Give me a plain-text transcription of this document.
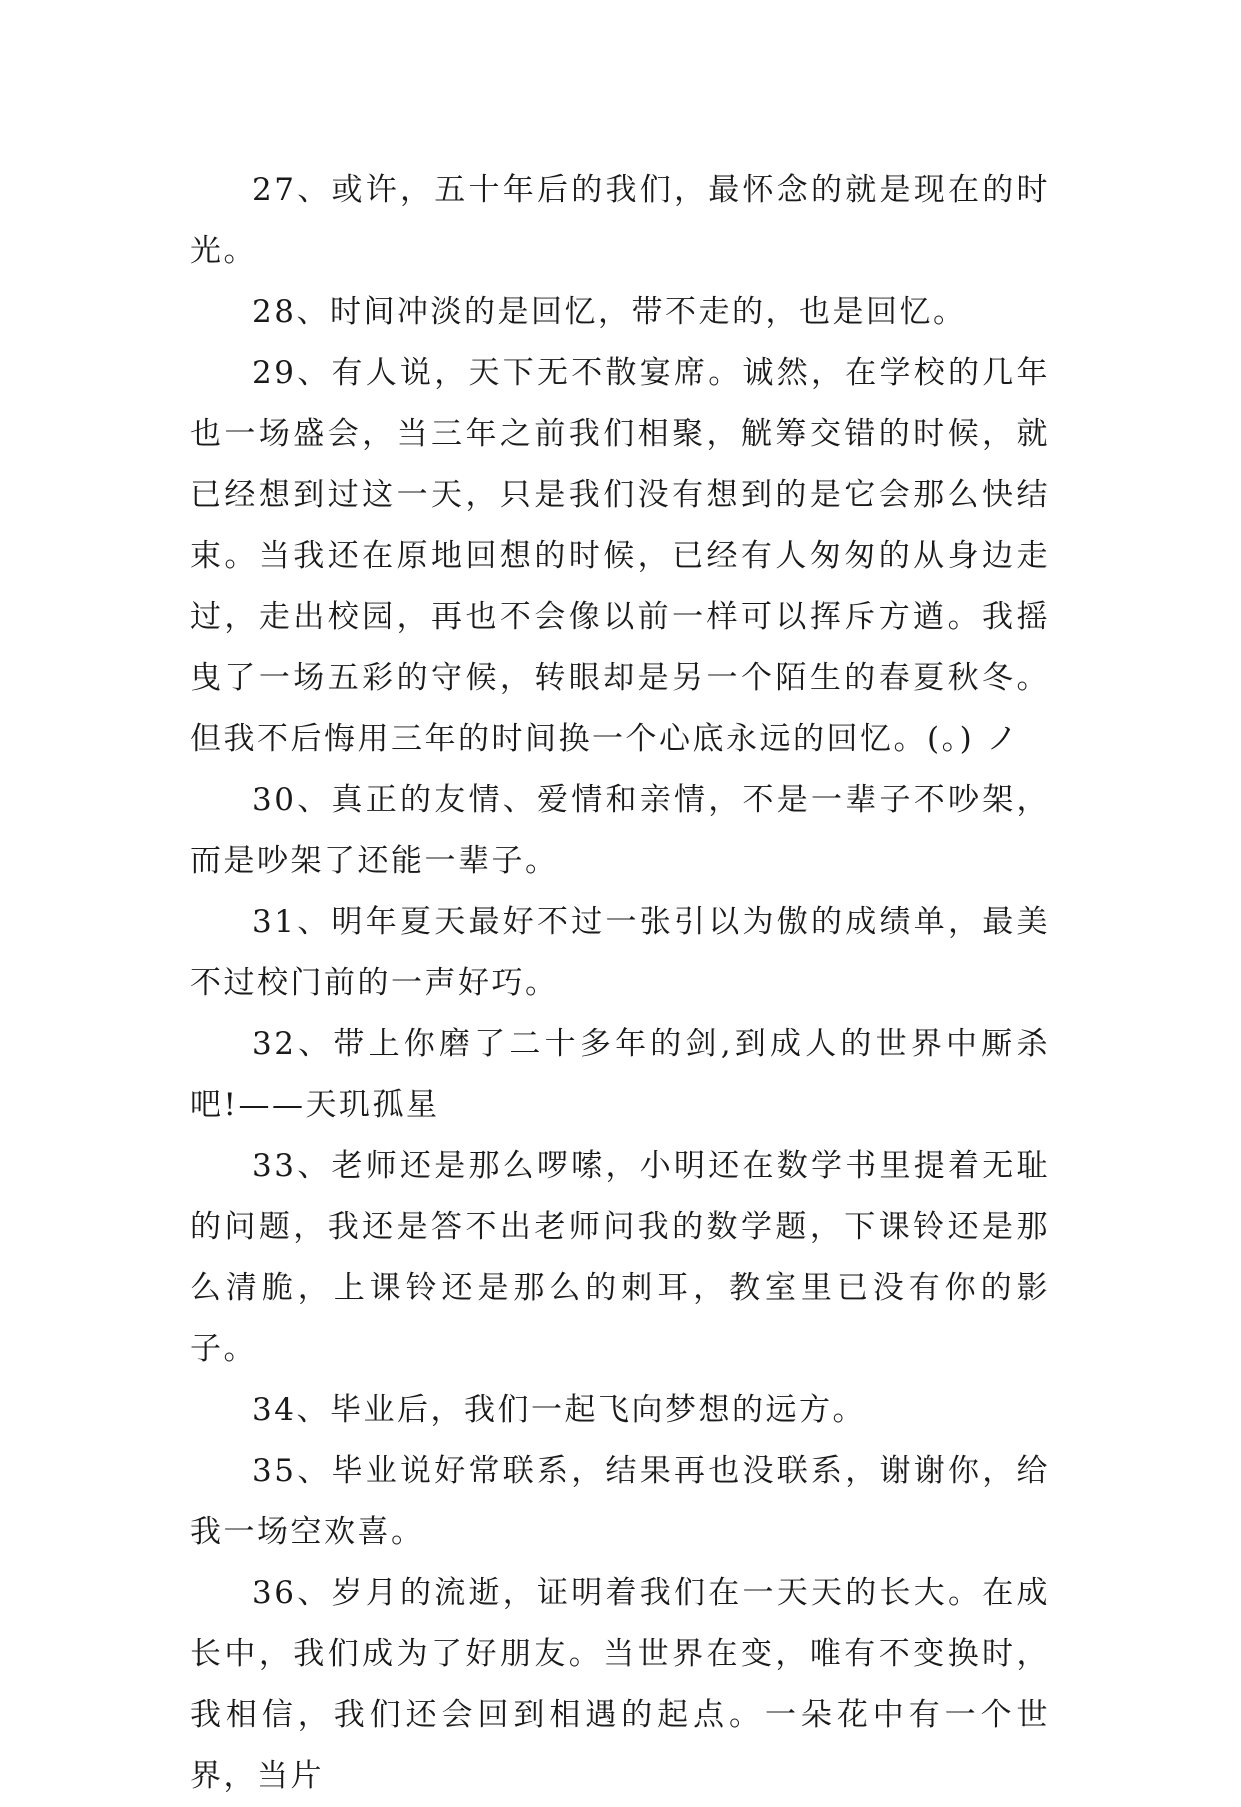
27、或许，五十年后的我们，最怀念的就是现在的时光。

28、时间冲淡的是回忆，带不走的，也是回忆。

29、有人说，天下无不散宴席。诚然，在学校的几年也一场盛会，当三年之前我们相聚，觥筹交错的时候，就已经想到过这一天，只是我们没有想到的是它会那么快结束。当我还在原地回想的时候，已经有人匆匆的从身边走过，走出校园，再也不会像以前一样可以挥斥方遒。我摇曳了一场五彩的守候，转眼却是另一个陌生的春夏秋冬。但我不后悔用三年的时间换一个心底永远的回忆。(。) ノ

30、真正的友情、爱情和亲情，不是一辈子不吵架，而是吵架了还能一辈子。

31、明年夏天最好不过一张引以为傲的成绩单，最美不过校门前的一声好巧。

32、带上你磨了二十多年的剑,到成人的世界中厮杀吧!——天玑孤星

33、老师还是那么啰嗦，小明还在数学书里提着无耻的问题，我还是答不出老师问我的数学题，下课铃还是那么清脆，上课铃还是那么的刺耳，教室里已没有你的影子。

34、毕业后，我们一起飞向梦想的远方。

35、毕业说好常联系，结果再也没联系，谢谢你，给我一场空欢喜。

36、岁月的流逝，证明着我们在一天天的长大。在成长中，我们成为了好朋友。当世界在变，唯有不变换时，我相信，我们还会回到相遇的起点。一朵花中有一个世界，当片
